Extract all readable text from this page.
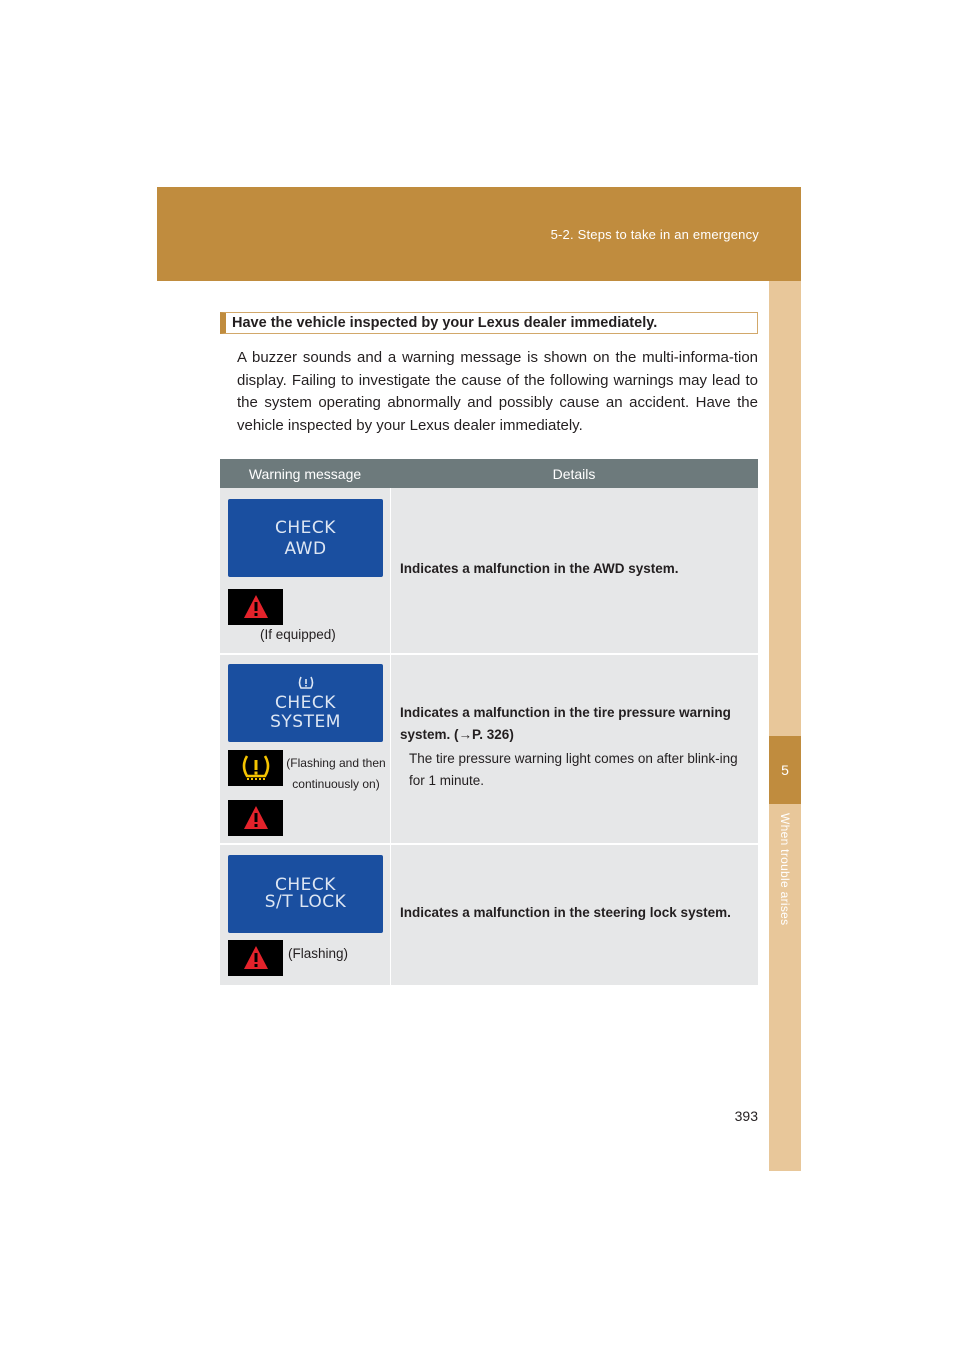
5-2. Steps to take in an emergency
5
When trouble arises
Have the vehicle inspected by your Lexus dealer immediately.
A buzzer sounds and a warning message is shown on the multi-informa-tion display. Failing to investigate the cause of the following warnings may lead to the system operating abnormally and possibly cause an accident. Have the vehicle inspected by your Lexus dealer immediately.
Warning message	Details
CHECK
AWD
(If equipped)
Indicates a malfunction in the AWD system.
CHECK
SYSTEM
(Flashing and then
continuously on)
Indicates a malfunction in the tire pressure warning system. (→P. 326)
The tire pressure warning light comes on after blink-ing for 1 minute.
CHECK
S/T LOCK
(Flashing)
Indicates a malfunction in the steering lock system.
393
